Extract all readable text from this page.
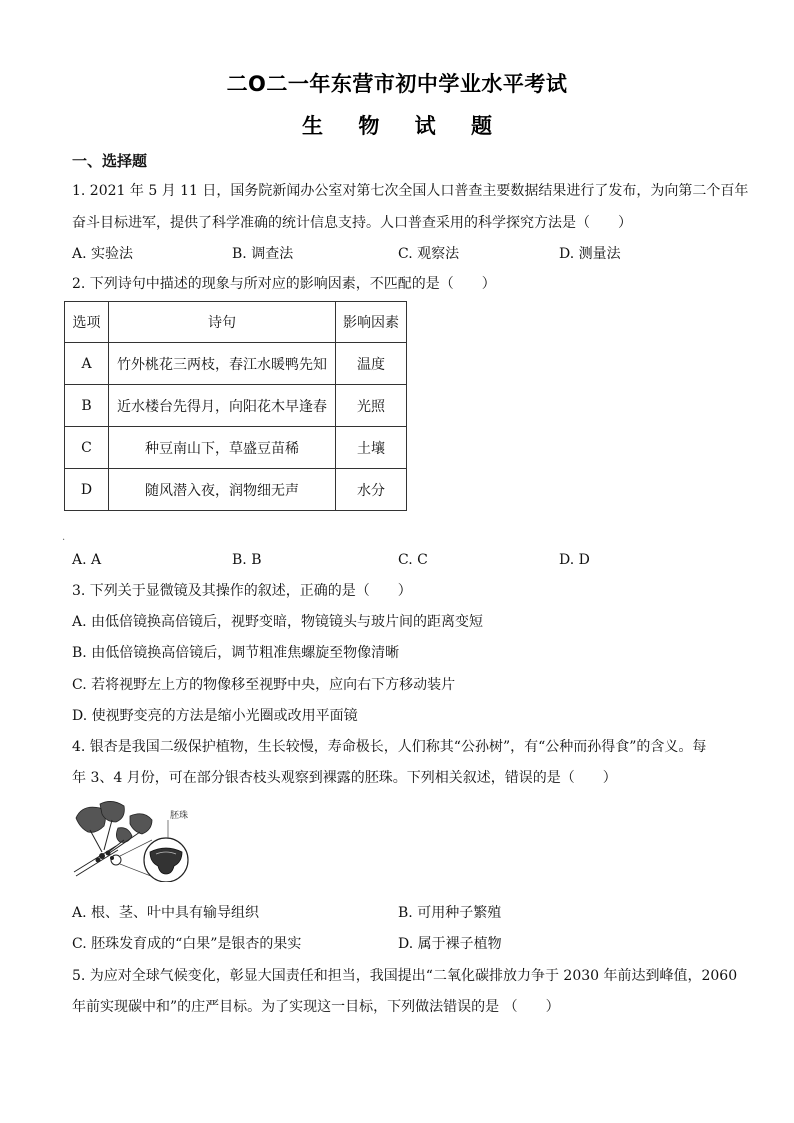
二O二一年东营市初中学业水平考试
生 物 试 题
一、选择题
1. 2021 年 5 月 11 日，国务院新闻办公室对第七次全国人口普查主要数据结果进行了发布，为向第二个百年
奋斗目标进军，提供了科学准确的统计信息支持。人口普查采用的科学探究方法是（　　）
A. 实验法	B. 调查法	C. 观察法	D. 测量法
2. 下列诗句中描述的现象与所对应的影响因素，不匹配的是（　　）
选项	诗句	影响因素
A	竹外桃花三两枝，春江水暖鸭先知	温度
B	近水楼台先得月，向阳花木早逢春	光照
C	种豆南山下，草盛豆苗稀	土壤
D	随风潜入夜，润物细无声	水分
.
A. A	B. B	C. C	D. D
3. 下列关于显微镜及其操作的叙述，正确的是（　　）
A. 由低倍镜换高倍镜后，视野变暗，物镜镜头与玻片间的距离变短
B. 由低倍镜换高倍镜后，调节粗准焦螺旋至物像清晰
C. 若将视野左上方的物像移至视野中央，应向右下方移动装片
D. 使视野变亮的方法是缩小光圈或改用平面镜
4. 银杏是我国二级保护植物，生长较慢，寿命极长，人们称其“公孙树”，有“公种而孙得食”的含义。每
年 3、4 月份，可在部分银杏枝头观察到裸露的胚珠。下列相关叙述，错误的是（　　）
胚珠
A. 根、茎、叶中具有输导组织	B. 可用种子繁殖
C. 胚珠发育成的“白果”是银杏的果实	D. 属于裸子植物
5. 为应对全球气候变化，彰显大国责任和担当，我国提出“二氧化碳排放力争于 2030 年前达到峰值，2060
年前实现碳中和”的庄严目标。为了实现这一目标，下列做法错误的是 （　　）
